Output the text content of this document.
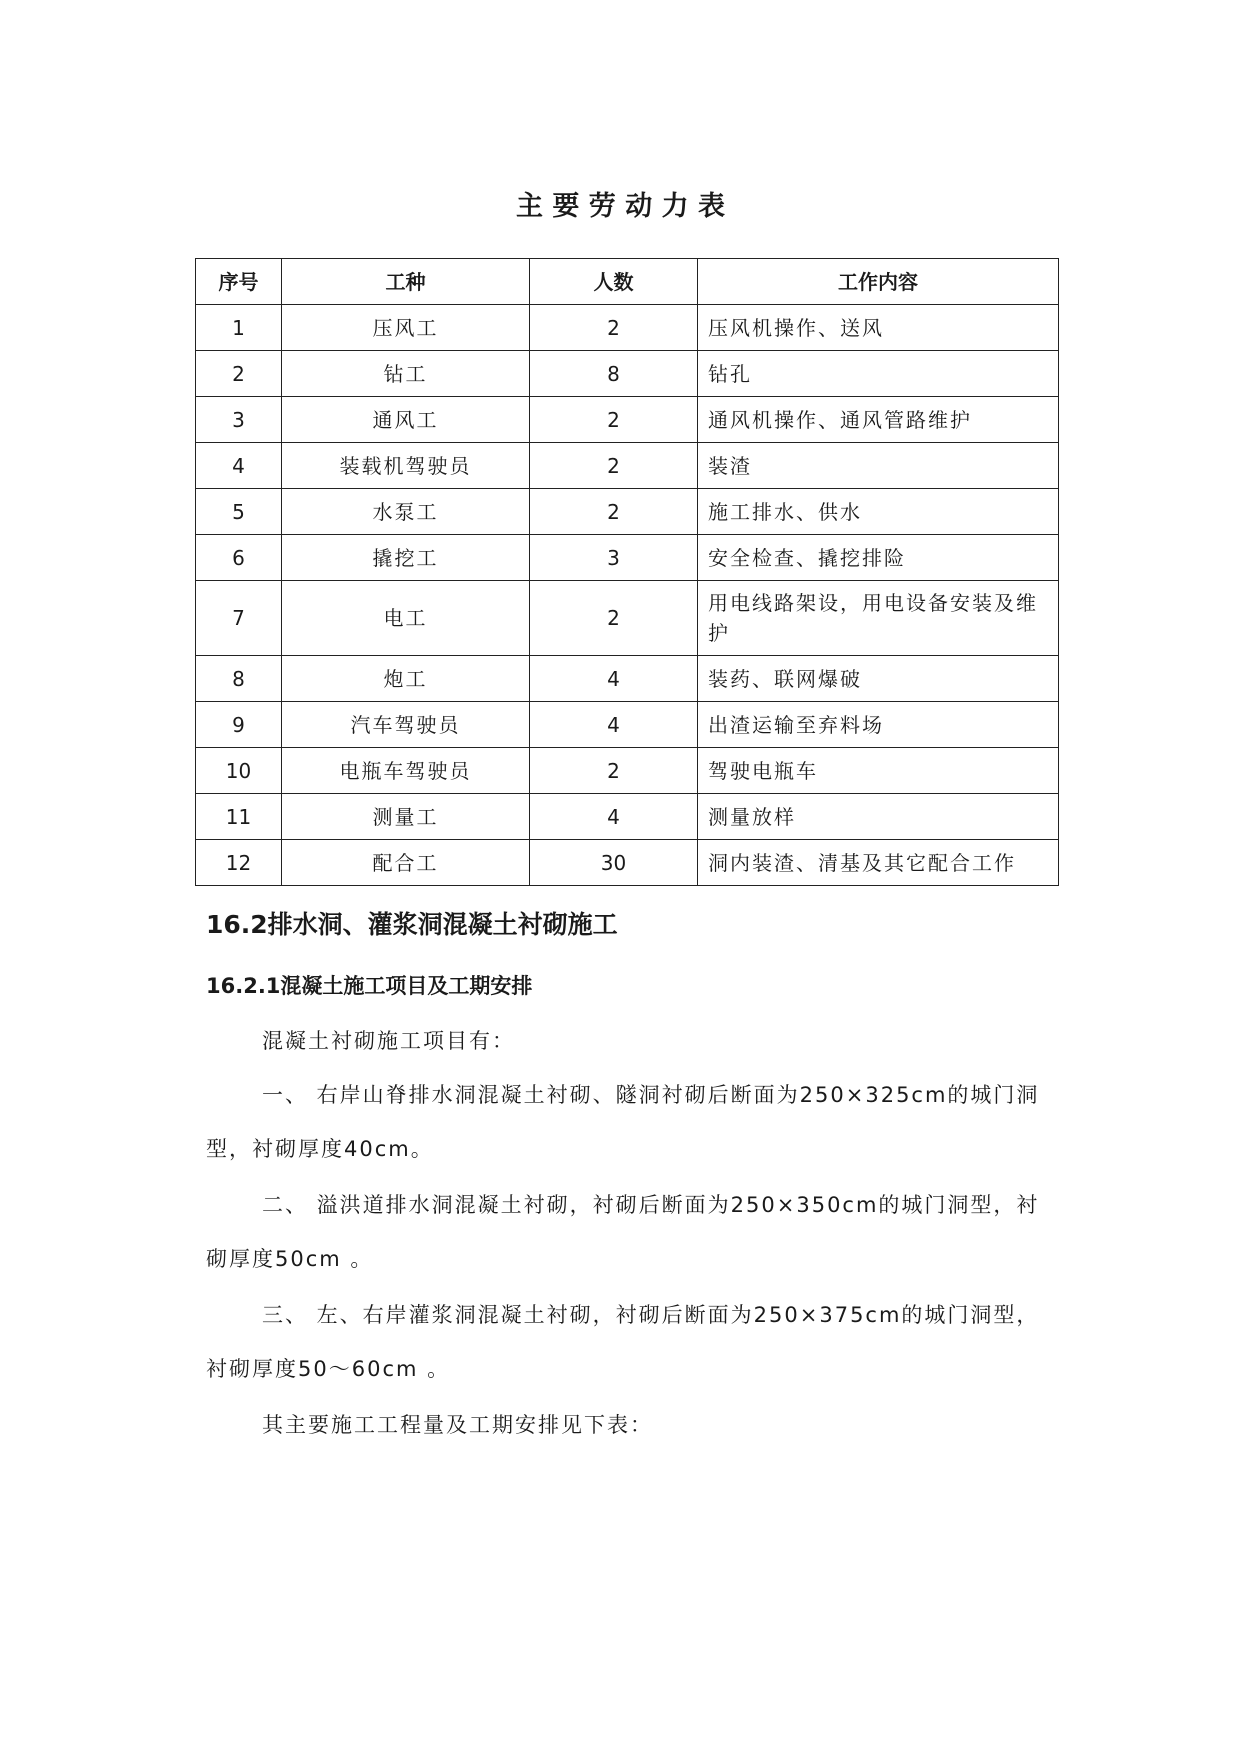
主 要 劳 动 力 表
序号	工种	人数	工作内容
1	压风工	2	压风机操作、送风
2	钻工	8	钻孔
3	通风工	2	通风机操作、通风管路维护
4	装载机驾驶员	2	装渣
5	水泵工	2	施工排水、供水
6	撬挖工	3	安全检查、撬挖排险
7	电工	2	用电线路架设，用电设备安装及维护
8	炮工	4	装药、联网爆破
9	汽车驾驶员	4	出渣运输至弃料场
10	电瓶车驾驶员	2	驾驶电瓶车
11	测量工	4	测量放样
12	配合工	30	洞内装渣、清基及其它配合工作
16.2排水洞、灌浆洞混凝土衬砌施工
16.2.1混凝土施工项目及工期安排

混凝土衬砌施工项目有：

一、 右岸山脊排水洞混凝土衬砌、隧洞衬砌后断面为250×325cm的城门洞型，衬砌厚度40cm。

二、 溢洪道排水洞混凝土衬砌，衬砌后断面为250×350cm的城门洞型，衬砌厚度50cm 。

三、 左、右岸灌浆洞混凝土衬砌，衬砌后断面为250×375cm的城门洞型，衬砌厚度50～60cm 。

其主要施工工程量及工期安排见下表：
